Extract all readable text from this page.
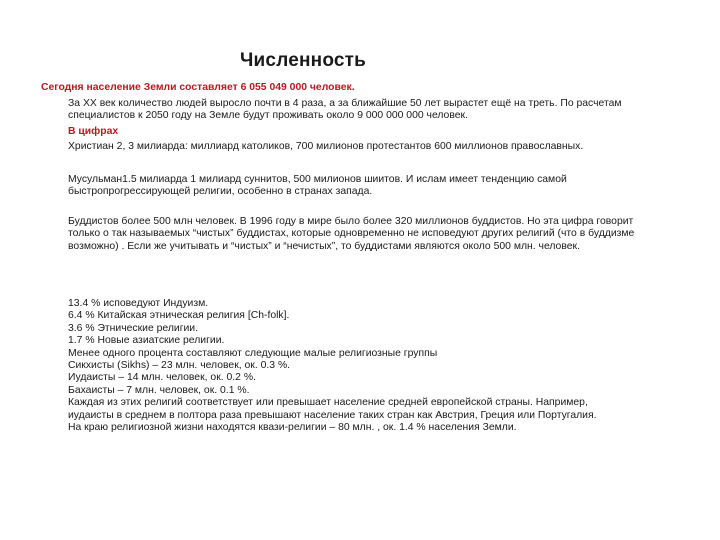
Численность
Сегодня население Земли составляет 6 055 049 000 человек.
За XX век количество людей выросло почти в 4 раза, а за ближайшие 50 лет вырастет ещё на треть. По расчетам специалистов к 2050 году на Земле будут проживать около 9 000 000 000 человек.
В цифрах
Христиан 2, 3 милиарда: миллиард католиков, 700 милионов протестантов 600 миллионов православных.
Мусульман1.5 милиарда 1 милиард суннитов, 500 милионов шиитов. И ислам имеет тенденцию самой быстропрогрессирующей религии, особенно в странах запада.
Буддистов более 500 млн человек. В 1996 году в мире было более 320 миллионов буддистов. Но эта цифра говорит только о так называемых “чистых” буддистах, которые одновременно не исповедуют других религий (что в буддизме возможно) . Если же учитывать и “чистых” и “нечистых”, то буддистами являются около 500 млн. человек.
13.4 % исповедуют Индуизм.
6.4 % Китайская этническая религия [Ch-folk].
3.6 % Этнические религии.
1.7 % Новые азиатские религии.
Менее одного процента составляют следующие малые религиозные группы
Сикхисты (Sikhs) – 23 млн. человек, ок. 0.3 %.
Иудаисты – 14 млн. человек, ок. 0.2 %.
Бахаисты – 7 млн. человек, ок. 0.1 %.
Каждая из этих религий соответствует или превышает население средней европейской страны. Например,
иудаисты в среднем в полтора раза превышают население таких стран как Австрия, Греция или Португалия.
На краю религиозной жизни находятся квази-религии – 80 млн. , ок. 1.4 % населения Земли.
